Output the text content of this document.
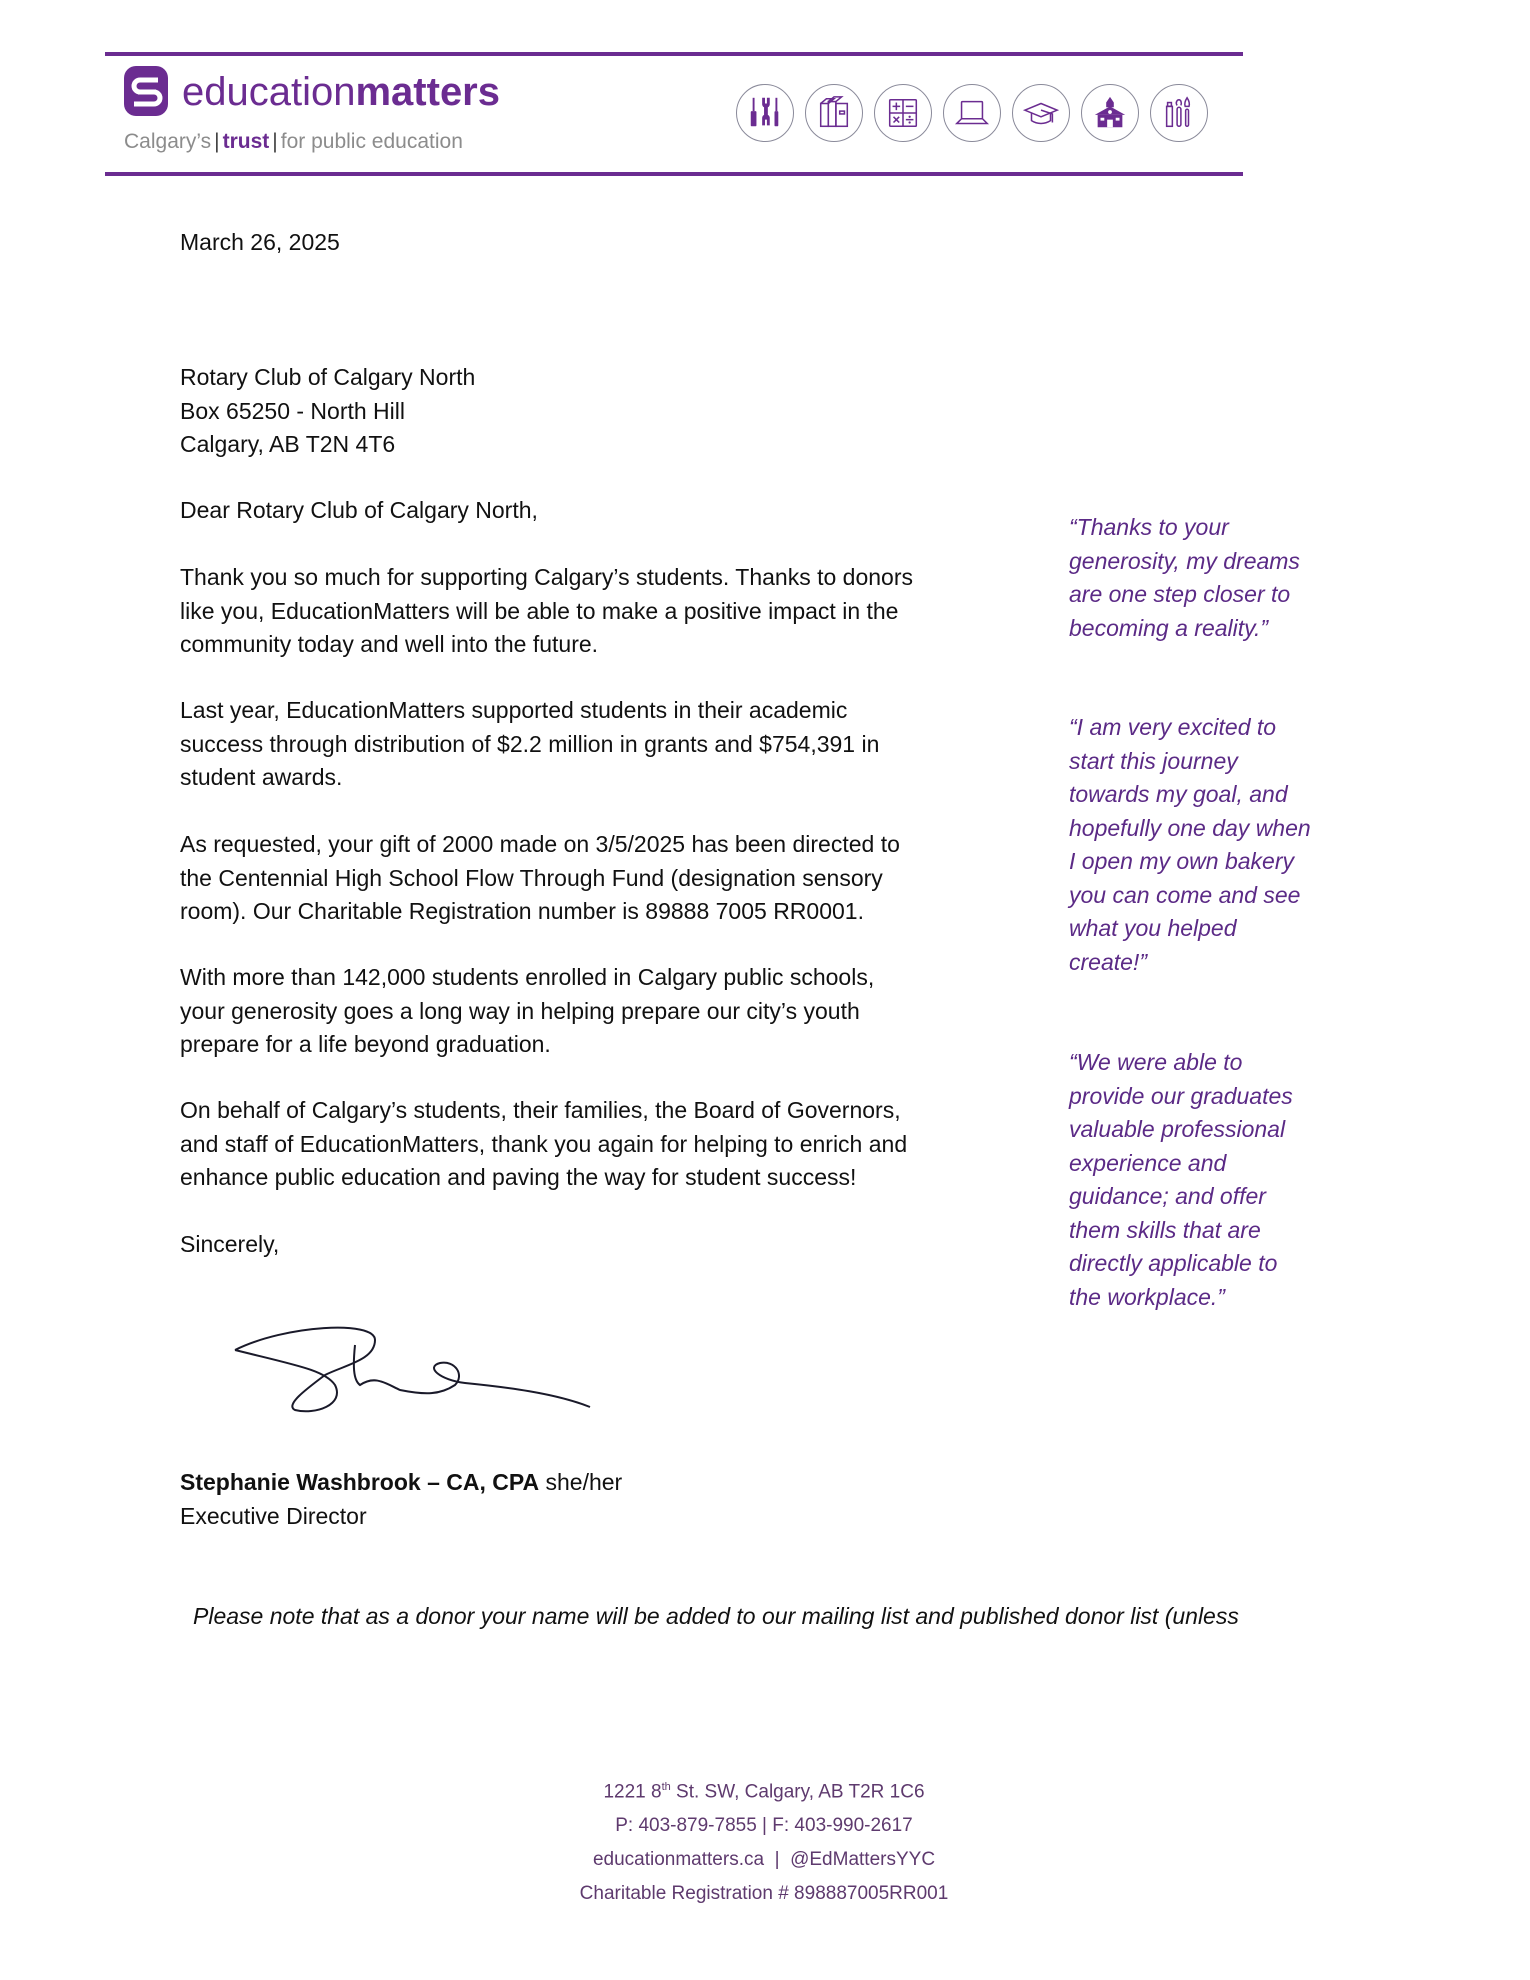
educationmatters
Calgary’s | trust | for public education
March 26, 2025
Rotary Club of Calgary North
Box 65250 - North Hill
Calgary, AB T2N 4T6
Dear Rotary Club of Calgary North,
Thank you so much for supporting Calgary’s students. Thanks to donors
like you, EducationMatters will be able to make a positive impact in the
community today and well into the future.
Last year, EducationMatters supported students in their academic
success through distribution of $2.2 million in grants and $754,391 in
student awards.
As requested, your gift of 2000 made on 3/5/2025 has been directed to
the Centennial High School Flow Through Fund (designation sensory
room). Our Charitable Registration number is 89888 7005 RR0001.
With more than 142,000 students enrolled in Calgary public schools,
your generosity goes a long way in helping prepare our city’s youth
prepare for a life beyond graduation.
On behalf of Calgary’s students, their families, the Board of Governors,
and staff of EducationMatters, thank you again for helping to enrich and
enhance public education and paving the way for student success!
Sincerely,
Stephanie Washbrook – CA, CPA she/her
Executive Director
“Thanks to your
generosity, my dreams
are one step closer to
becoming a reality.”
“I am very excited to
start this journey
towards my goal, and
hopefully one day when
I open my own bakery
you can come and see
what you helped
create!”
“We were able to
provide our graduates
valuable professional
experience and
guidance; and offer
them skills that are
directly applicable to
the workplace.”
Please note that as a donor your name will be added to our mailing list and published donor list (unless
1221 8th St. SW, Calgary, AB T2R 1C6
P: 403-879-7855 | F: 403-990-2617
educationmatters.ca  |  @EdMattersYYC
Charitable Registration # 898887005RR001
